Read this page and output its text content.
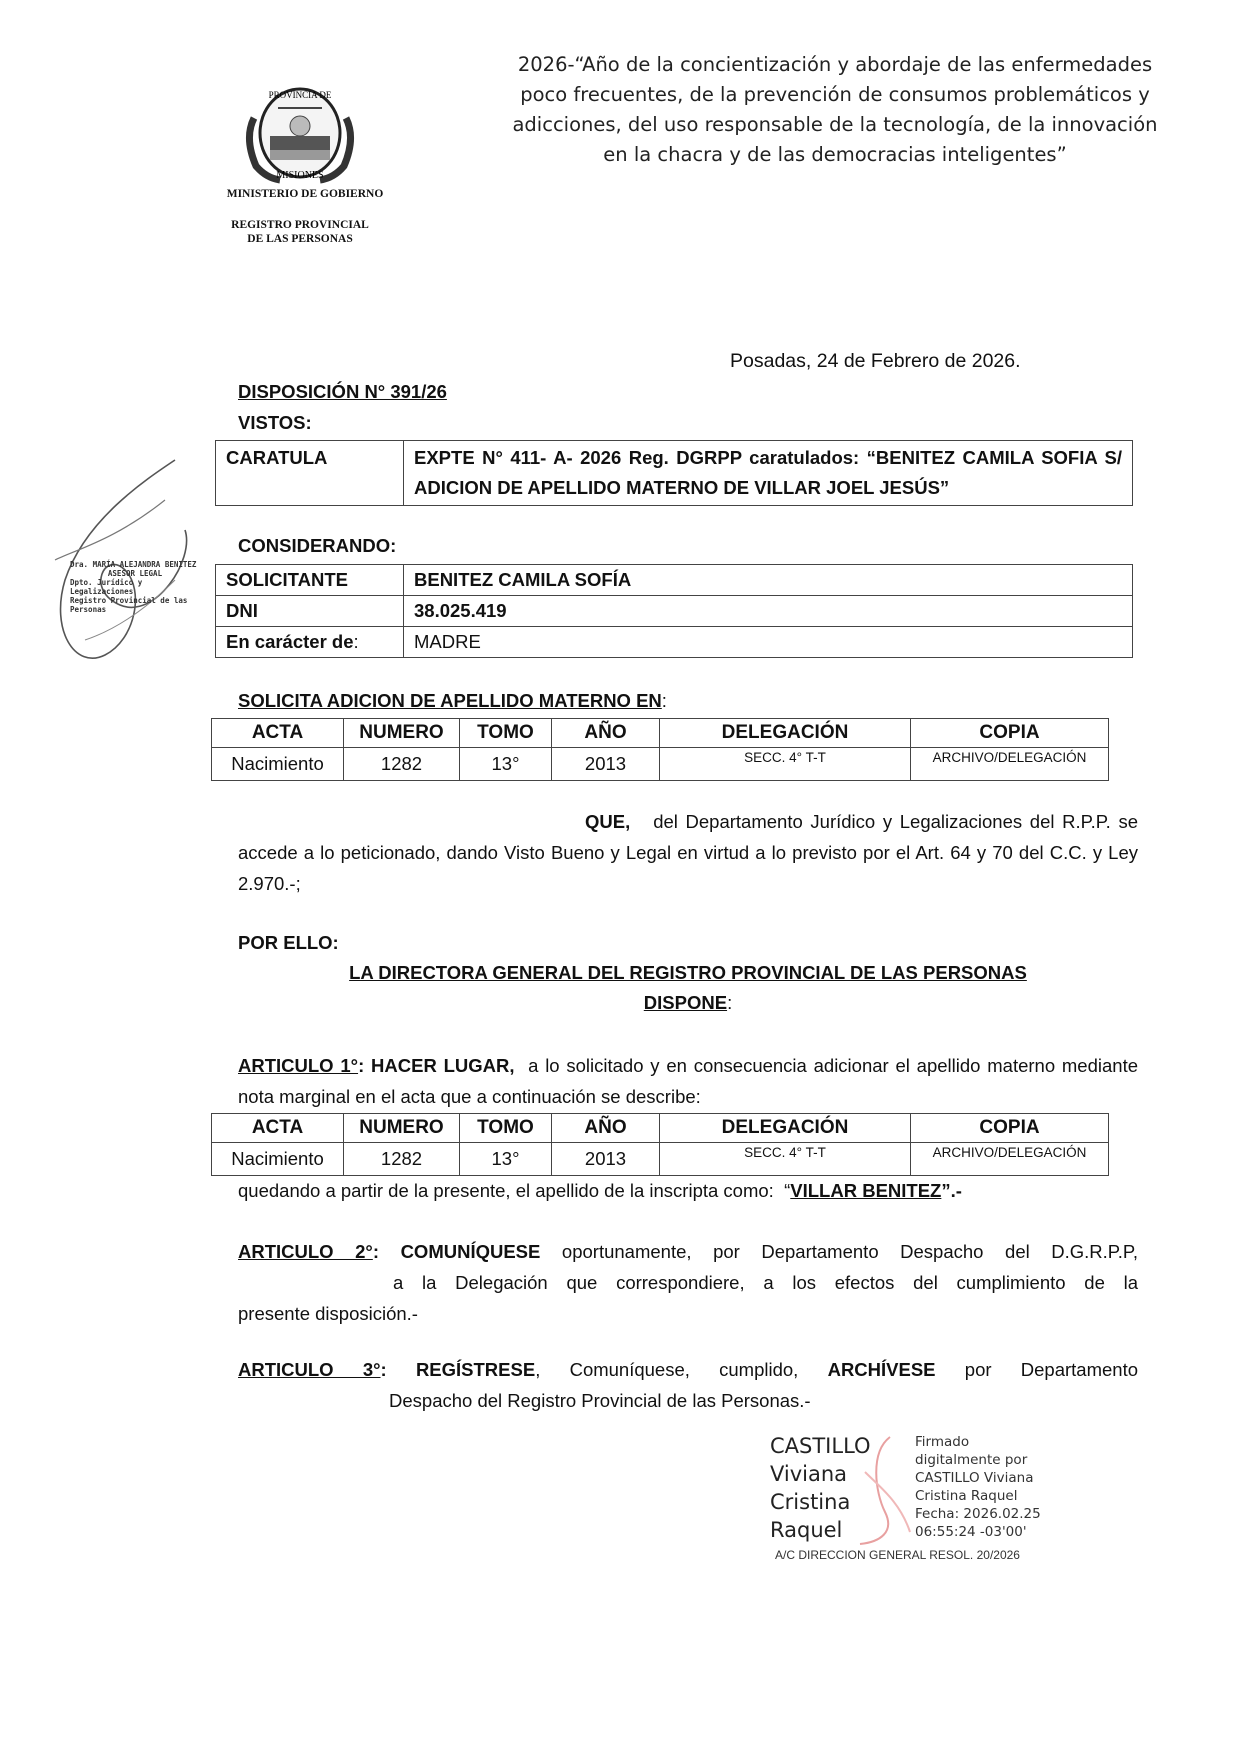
2026-“Año de la concientización y abordaje de las enfermedades poco frecuentes, de la prevención de consumos problemáticos y adicciones, del uso responsable de la tecnología, de la innovación en la chacra y de las democracias inteligentes”
PROVINCIA DE
MISIONES
MINISTERIO DE GOBIERNO
REGISTRO PROVINCIAL
DE LAS PERSONAS
Dra. MARÍA ALEJANDRA BENITEZ
ASESOR LEGAL
Dpto. Jurídico y Legalizaciones
Registro Provincial de las Personas
Posadas, 24 de Febrero de 2026.
DISPOSICIÓN N° 391/26
VISTOS:
CARATULA	EXPTE N° 411- A- 2026 Reg. DGRPP caratulados: “BENITEZ CAMILA SOFIA S/ ADICION DE APELLIDO MATERNO DE VILLAR JOEL JESÚS”
CONSIDERANDO:
SOLICITANTE	BENITEZ CAMILA SOFÍA
DNI	38.025.419
En carácter de:	MADRE
SOLICITA ADICION DE APELLIDO MATERNO EN:
ACTA	NUMERO	TOMO	AÑO	DELEGACIÓN	COPIA
Nacimiento	1282	13°	2013	SECC. 4° T-T	ARCHIVO/DELEGACIÓN
QUE, del Departamento Jurídico y Legalizaciones del R.P.P. se accede a lo peticionado, dando Visto Bueno y Legal en virtud a lo previsto por el Art. 64 y 70 del C.C. y Ley 2.970.-;
POR ELLO:
LA DIRECTORA GENERAL DEL REGISTRO PROVINCIAL DE LAS PERSONAS
DISPONE:
ARTICULO 1°: HACER LUGAR, a lo solicitado y en consecuencia adicionar el apellido materno mediante nota marginal en el acta que a continuación se describe:
ACTA	NUMERO	TOMO	AÑO	DELEGACIÓN	COPIA
Nacimiento	1282	13°	2013	SECC. 4° T-T	ARCHIVO/DELEGACIÓN
quedando a partir de la presente, el apellido de la inscripta como:  “VILLAR BENITEZ”.-
ARTICULO 2°: COMUNÍQUESE oportunamente, por Departamento Despacho del D.G.R.P.P,
a la Delegación que correspondiere, a los efectos del cumplimiento de la
presente disposición.-
ARTICULO 3°: REGÍSTRESE, Comuníquese, cumplido, ARCHÍVESE por Departamento
Despacho del Registro Provincial de las Personas.-
CASTILLO
Viviana
Cristina
Raquel
Firmado
digitalmente por
CASTILLO Viviana
Cristina Raquel
Fecha: 2026.02.25
06:55:24 -03'00'
A/C DIRECCION GENERAL RESOL. 20/2026
